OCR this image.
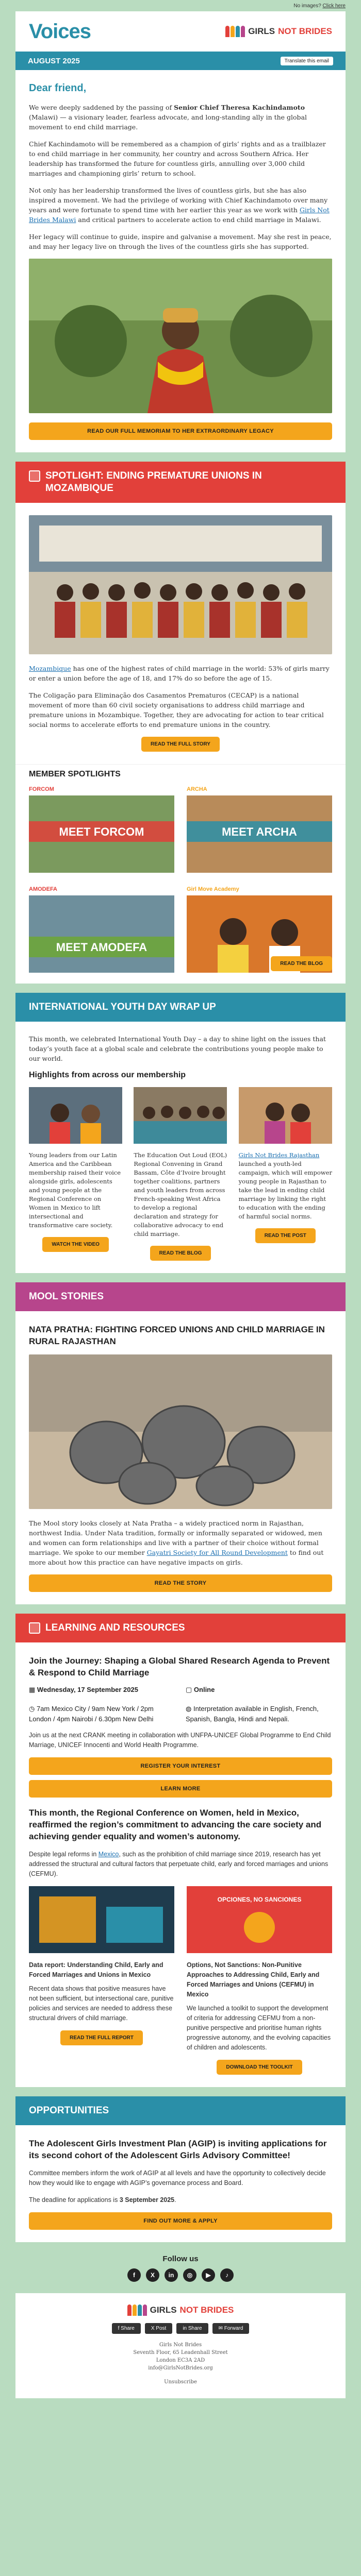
No images? Click here
Voices	GIRLS NOT BRIDES
AUGUST 2025	Translate this email
Dear friend,

We were deeply saddened by the passing of Senior Chief Theresa Kachindamoto (Malawi) — a visionary leader, fearless advocate, and long-standing ally in the global movement to end child marriage.

Chief Kachindamoto will be remembered as a champion of girls’ rights and as a trailblazer to end child marriage in her community, her country and across Southern Africa. Her leadership has transformed the future for countless girls, annulling over 3,000 child marriages and championing girls’ return to school.

Not only has her leadership transformed the lives of countless girls, but she has also inspired a movement. We had the privilege of working with Chief Kachindamoto over many years and were fortunate to spend time with her earlier this year as we work with Girls Not Brides Malawi and critical partners to accelerate action to end child marriage in Malawi.

Her legacy will continue to guide, inspire and galvanise a movement. May she rest in peace, and may her legacy live on through the lives of the countless girls she has supported.

READ OUR FULL MEMORIAM TO HER EXTRAORDINARY LEGACY
SPOTLIGHT: ENDING PREMATURE UNIONS IN MOZAMBIQUE

Mozambique has one of the highest rates of child marriage in the world: 53% of girls marry or enter a union before the age of 18, and 17% do so before the age of 15.

The Coligação para Eliminação dos Casamentos Prematuros (CECAP) is a national movement of more than 60 civil society organisations to address child marriage and premature unions in Mozambique. Together, they are advocating for action to tear critical social norms to accelerate efforts to end premature unions in the country.

READ THE FULL STORY
MEMBER SPOTLIGHTS
FORCOM
MEET FORCOM
ARCHA
MEET ARCHA
AMODEFA
MEET AMODEFA
Girl Move Academy
READ THE BLOG
INTERNATIONAL YOUTH DAY WRAP UP

This month, we celebrated International Youth Day – a day to shine light on the issues that today’s youth face at a global scale and celebrate the contributions young people make to our world.

Highlights from across our membership

Young leaders from our Latin America and the Caribbean membership raised their voice alongside girls, adolescents and young people at the Regional Conference on Women in Mexico to lift intersectional and transformative care society.

WATCH THE VIDEO

The Education Out Loud (EOL) Regional Convening in Grand Bassam, Côte d’Ivoire brought together coalitions, partners and youth leaders from across French-speaking West Africa to develop a regional declaration and strategy for collaborative advocacy to end child marriage.

READ THE BLOG

Girls Not Brides Rajasthan launched a youth-led campaign, which will empower young people in Rajasthan to take the lead in ending child marriage by linking the right to education with the ending of harmful social norms.

READ THE POST
MOOL STORIES
NATA PRATHA: FIGHTING FORCED UNIONS AND CHILD MARRIAGE IN RURAL RAJASTHAN

The Mool story looks closely at Nata Pratha – a widely practiced norm in Rajasthan, northwest India. Under Nata tradition, formally or informally separated or widowed, men and women can form relationships and live with a partner of their choice without formal marriage. We spoke to our member Gayatri Society for All Round Development to find out more about how this practice can have negative impacts on girls.

READ THE STORY
LEARNING AND RESOURCES
Join the Journey: Shaping a Global Shared Research Agenda to Prevent & Respond to Child Marriage
▦ Wednesday, 17 September 2025	▢ Online
◷ 7am Mexico City / 9am New York / 2pm London / 4pm Nairobi / 6.30pm New Delhi
◍ Interpretation available in English, French, Spanish, Bangla, Hindi and Nepali.

Join us at the next CRANK meeting in collaboration with UNFPA-UNICEF Global Programme to End Child Marriage, UNICEF Innocenti and World Health Programme.

REGISTER YOUR INTEREST
LEARN MORE
This month, the Regional Conference on Women, held in Mexico, reaffirmed the region’s commitment to advancing the care society and achieving gender equality and women’s autonomy.

Despite legal reforms in Mexico, such as the prohibition of child marriage since 2019, research has yet addressed the structural and cultural factors that perpetuate child, early and forced marriages and unions (CEFMU).

Data report: Understanding Child, Early and Forced Marriages and Unions in Mexico

Recent data shows that positive measures have not been sufficient, but intersectional care, punitive policies and services are needed to address these structural drivers of child marriage.

READ THE FULL REPORT
OPCIONES, NO SANCIONES

Options, Not Sanctions: Non-Punitive Approaches to Addressing Child, Early and Forced Marriages and Unions (CEFMU) in Mexico

We launched a toolkit to support the development of criteria for addressing CEFMU from a non-punitive perspective and prioritise human rights progressive autonomy, and the evolving capacities of children and adolescents.

DOWNLOAD THE TOOLKIT
OPPORTUNITIES
The Adolescent Girls Investment Plan (AGIP) is inviting applications for its second cohort of the Adolescent Girls Advisory Committee!

Committee members inform the work of AGIP at all levels and have the opportunity to collectively decide how they would like to engage with AGIP’s governance process and Board.

The deadline for applications is 3 September 2025.

FIND OUT MORE & APPLY
Follow us
f	X	in	◎	▶	♪
GIRLS NOT BRIDES
f Share	X Post	in Share	✉ Forward
Girls Not Brides
Seventh Floor, 65 Leadenhall Street
London EC3A 2AD
info@GirlsNotBrides.org
Unsubscribe
